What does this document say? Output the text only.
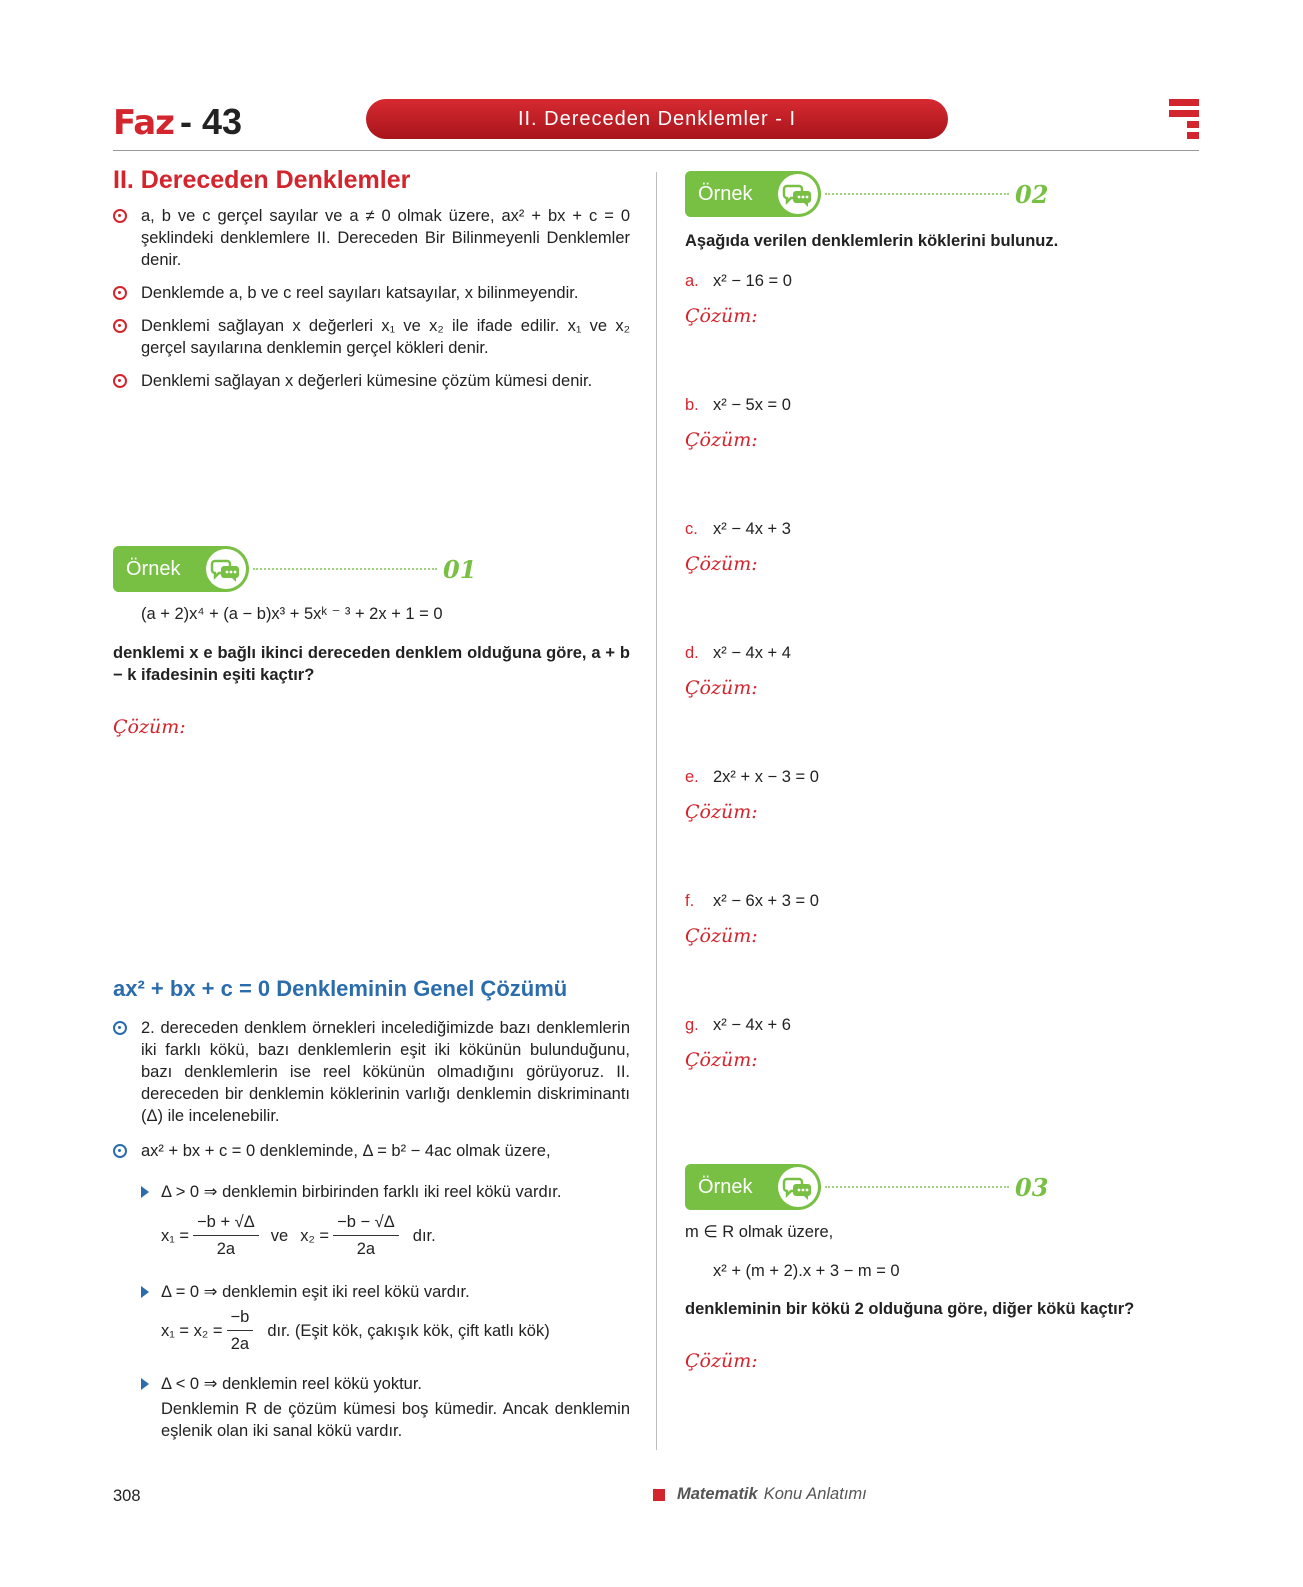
Faz - 43	II. Dereceden Denklemler - I
II. Dereceden Denklemler
a, b ve c gerçel sayılar ve a ≠ 0 olmak üzere, ax² + bx + c = 0 şeklindeki denklemlere II. Dereceden Bir Bilinmeyenli Denklemler denir.
Denklemde a, b ve c reel sayıları katsayılar, x bilinmeyendir.
Denklemi sağlayan x değerleri x₁ ve x₂ ile ifade edilir. x₁ ve x₂ gerçel sayılarına denklemin gerçel kökleri denir.
Denklemi sağlayan x değerleri kümesine çözüm kümesi denir.
Örnek	01
(a + 2)x⁴ + (a − b)x³ + 5xᵏ ⁻ ³ + 2x + 1 = 0
denklemi x e bağlı ikinci dereceden denklem olduğuna göre, a + b − k ifadesinin eşiti kaçtır?
Çözüm:
ax² + bx + c = 0 Denkleminin Genel Çözümü
2. dereceden denklem örnekleri incelediğimizde bazı denklemlerin iki farklı kökü, bazı denklemlerin eşit iki kökünün bulunduğunu, bazı denklemlerin ise reel kökünün olmadığını görüyoruz. II. dereceden bir denklemin köklerinin varlığı denklemin diskriminantı (Δ) ile incelenebilir.
ax² + bx + c = 0 denkleminde, Δ = b² − 4ac olmak üzere,
Δ > 0 ⇒ denklemin birbirinden farklı iki reel kökü vardır.
$x_1 = \frac{-b + √\Delta}{2a}$ ve $x_2 = \frac{-b - √\Delta}{2a}$ dır.
Δ = 0 ⇒ denklemin eşit iki reel kökü vardır.
$x_1 = x_2 = \frac{-b}{2a}$ dır. (Eşit kök, çakışık kök, çift katlı kök)
Δ < 0 ⇒ denklemin reel kökü yoktur.
Denklemin R de çözüm kümesi boş kümedir. Ancak denklemin eşlenik olan iki sanal kökü vardır.
Örnek	02
Aşağıda verilen denklemlerin köklerini bulunuz.
a. x² − 16 = 0
Çözüm:
b. x² − 5x = 0
Çözüm:
c. x² − 4x + 3
Çözüm:
d. x² − 4x + 4
Çözüm:
e. 2x² + x − 3 = 0
Çözüm:
f. x² − 6x + 3 = 0
Çözüm:
g. x² − 4x + 6
Çözüm:
Örnek	03
m ∈ R olmak üzere,
x² + (m + 2).x + 3 − m = 0
denkleminin bir kökü 2 olduğuna göre, diğer kökü kaçtır?
Çözüm:
308	Matematik Konu Anlatımı
